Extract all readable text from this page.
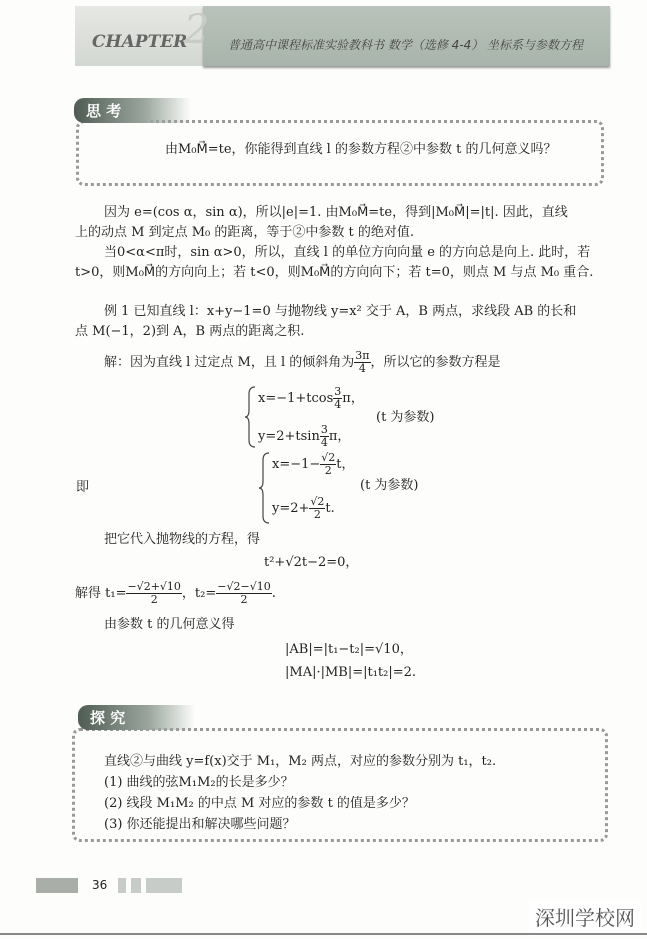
2
CHAPTER	普通高中课程标准实验教科书 数学（选修 4-4） 坐标系与参数方程
思 考
由M₀M⃗=te，你能得到直线 l 的参数方程②中参数 t 的几何意义吗？
因为 e=(cos α，sin α)，所以|e|=1. 由M₀M⃗=te，得到|M₀M⃗|=|t|. 因此，直线
上的动点 M 到定点 M₀ 的距离，等于②中参数 t 的绝对值.
当0<α<π时，sin α>0，所以，直线 l 的单位方向向量 e 的方向总是向上. 此时，若
t>0，则M₀M⃗的方向向上；若 t<0，则M₀M⃗的方向向下；若 t=0，则点 M 与点 M₀ 重合.
例 1 已知直线 l：x+y−1=0 与抛物线 y=x² 交于 A，B 两点，求线段 AB 的长和
点 M(−1，2)到 A，B 两点的距离之积.
解：因为直线 l 过定点 M，且 l 的倾斜角为 $\frac{3\pi}{4}$ ，所以它的参数方程是
$x=-1+tcos \frac{3}{4}$ π，
$y=2+tsin \frac{3}{4}$ π，
(t 为参数)
即
$x=-1- \frac{√2}{2}$ t，
$y=2+ \frac{√2}{2} t$.
(t 为参数)
把它代入抛物线的方程，得
t²+√2t−2=0，
解得 $t_1= \frac{-√2+√10}{2}$ ，$t_2= \frac{-√2-√10}{2}$ .
由参数 t 的几何意义得
|AB|=|t₁−t₂|=√10，
|MA|·|MB|=|t₁t₂|=2.
探 究
直线②与曲线 y=f(x)交于 M₁，M₂ 两点，对应的参数分别为 t₁，t₂.
(1) 曲线的弦M₁M₂的长是多少？
(2) 线段 M₁M₂ 的中点 M 对应的参数 t 的值是多少？
(3) 你还能提出和解决哪些问题？
36
深圳学校网
